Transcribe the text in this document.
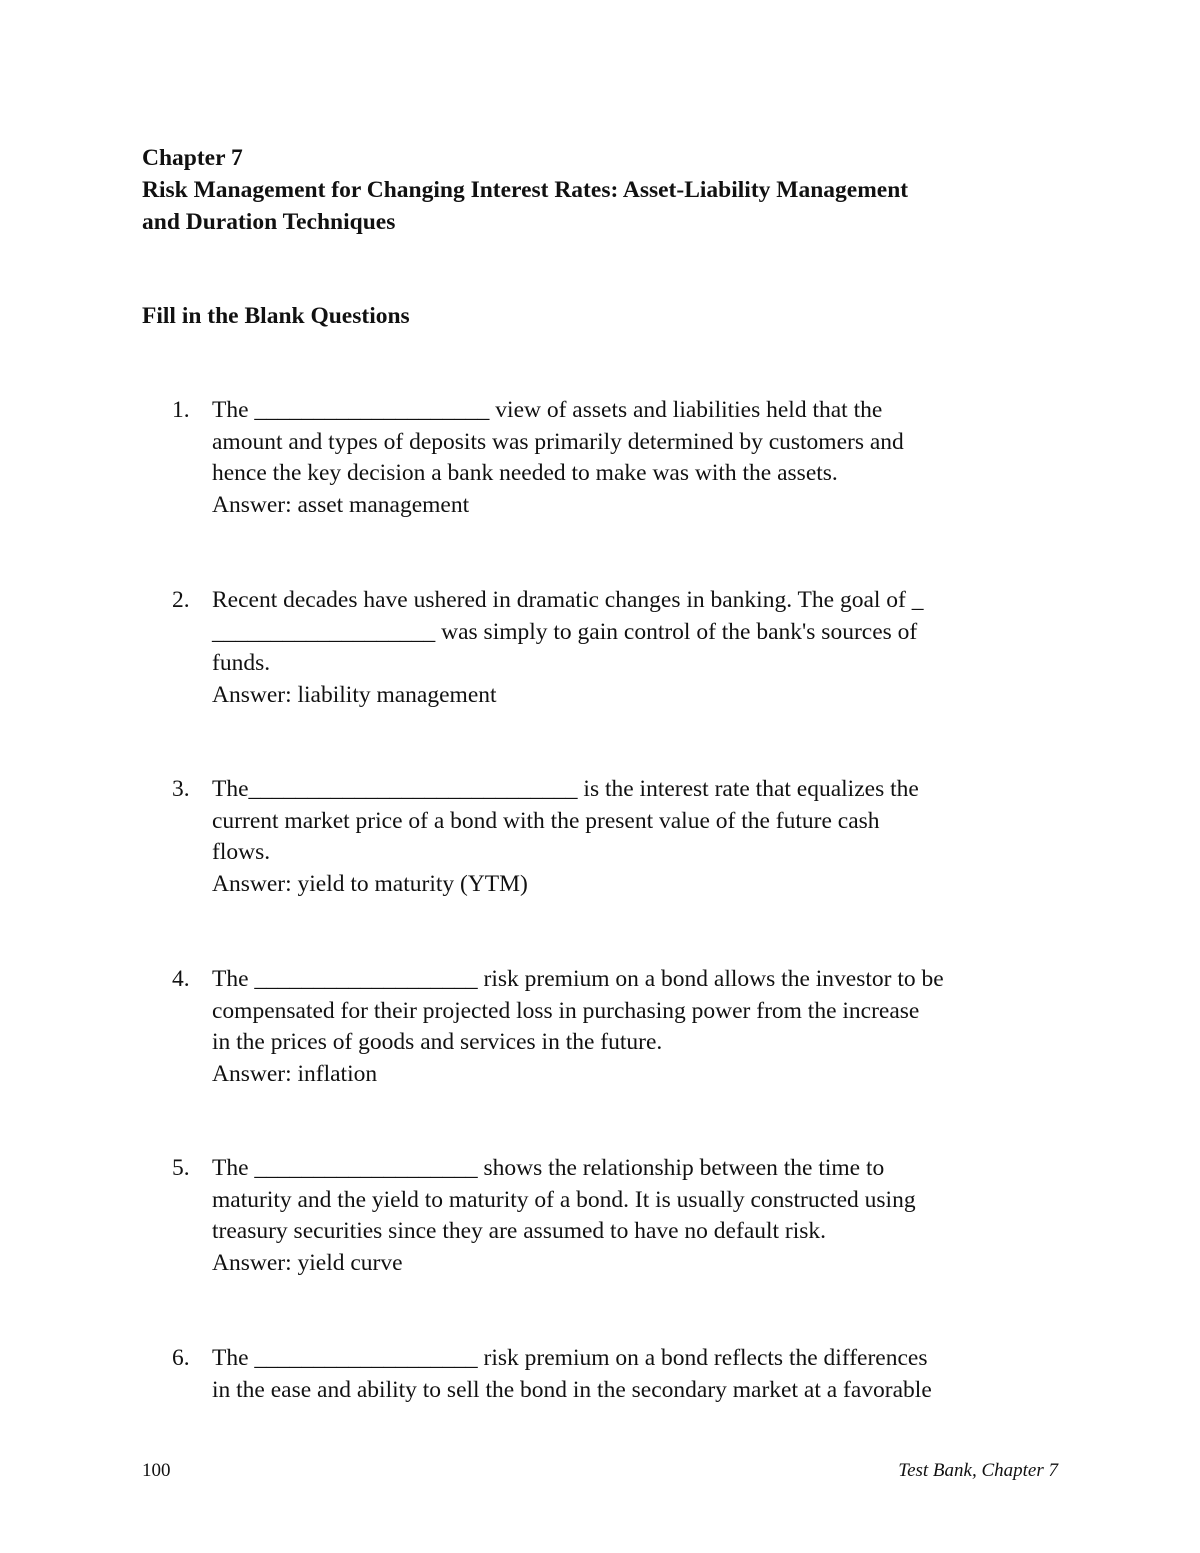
Chapter 7

Risk Management for Changing Interest Rates: Asset-Liability Management

and Duration Techniques

Fill in the Blank Questions
1. The ____________________ view of assets and liabilities held that the

amount and types of deposits was primarily determined by customers and

hence the key decision a bank needed to make was with the assets.

Answer: asset management

2. Recent decades have ushered in dramatic changes in banking. The goal of _

___________________ was simply to gain control of the bank's sources of

funds.

Answer: liability management

3. The____________________________ is the interest rate that equalizes the

current market price of a bond with the present value of the future cash

flows.

Answer: yield to maturity (YTM)

4. The ___________________ risk premium on a bond allows the investor to be

compensated for their projected loss in purchasing power from the increase

in the prices of goods and services in the future.

Answer: inflation

5. The ___________________ shows the relationship between the time to

maturity and the yield to maturity of a bond. It is usually constructed using

treasury securities since they are assumed to have no default risk.

Answer: yield curve

6. The ___________________ risk premium on a bond reflects the differences

in the ease and ability to sell the bond in the secondary market at a favorable

100	Test Bank, Chapter 7
